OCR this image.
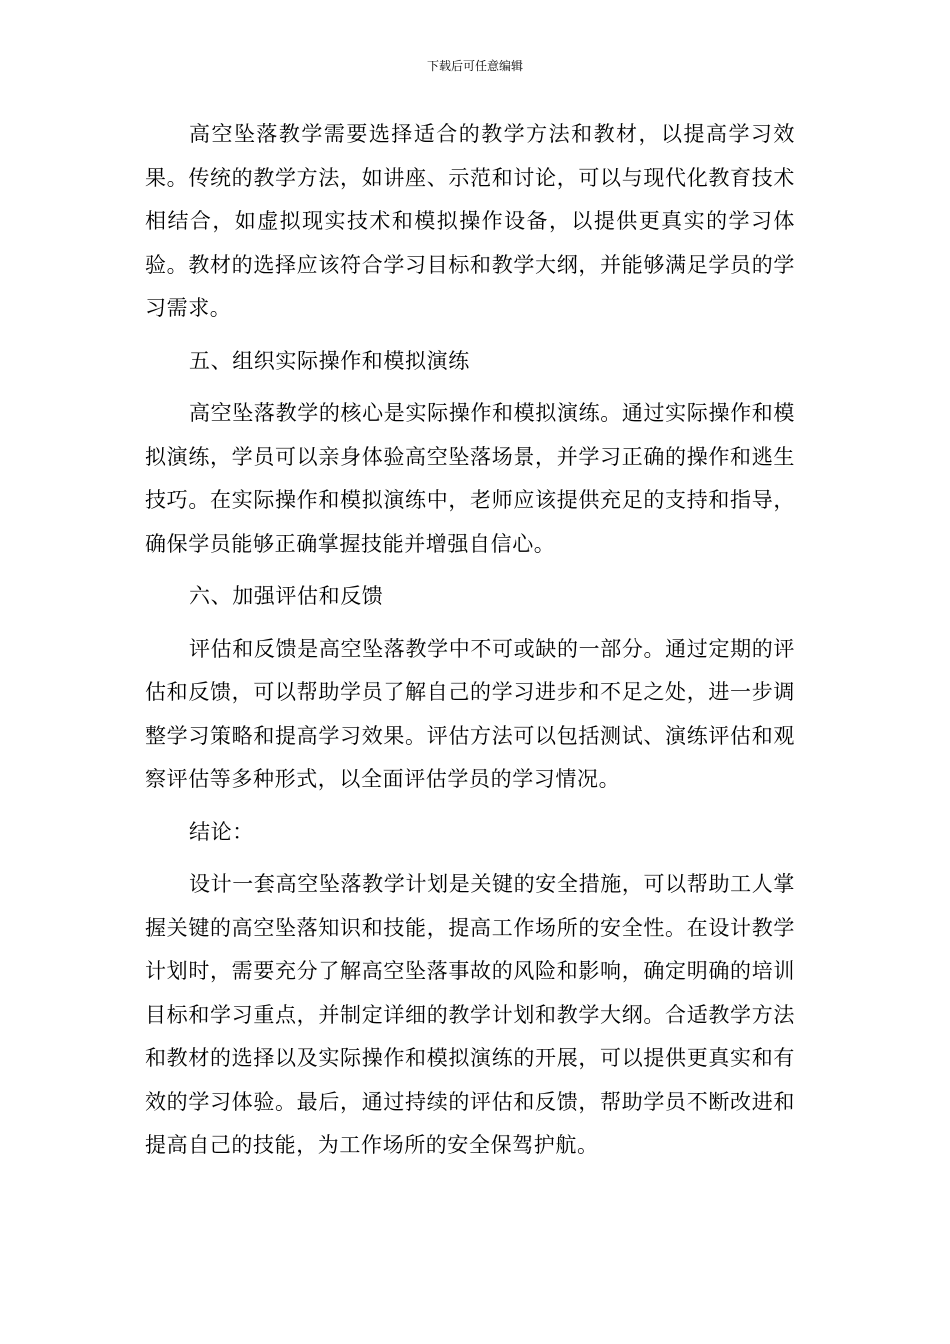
下载后可任意编辑

高空坠落教学需要选择适合的教学方法和教材，以提高学习效果。传统的教学方法，如讲座、示范和讨论，可以与现代化教育技术相结合，如虚拟现实技术和模拟操作设备，以提供更真实的学习体验。教材的选择应该符合学习目标和教学大纲，并能够满足学员的学习需求。

五、组织实际操作和模拟演练

高空坠落教学的核心是实际操作和模拟演练。通过实际操作和模拟演练，学员可以亲身体验高空坠落场景，并学习正确的操作和逃生技巧。在实际操作和模拟演练中，老师应该提供充足的支持和指导，确保学员能够正确掌握技能并增强自信心。

六、加强评估和反馈

评估和反馈是高空坠落教学中不可或缺的一部分。通过定期的评估和反馈，可以帮助学员了解自己的学习进步和不足之处，进一步调整学习策略和提高学习效果。评估方法可以包括测试、演练评估和观察评估等多种形式，以全面评估学员的学习情况。

结论：

设计一套高空坠落教学计划是关键的安全措施，可以帮助工人掌握关键的高空坠落知识和技能，提高工作场所的安全性。在设计教学计划时，需要充分了解高空坠落事故的风险和影响，确定明确的培训目标和学习重点，并制定详细的教学计划和教学大纲。合适教学方法和教材的选择以及实际操作和模拟演练的开展，可以提供更真实和有效的学习体验。最后，通过持续的评估和反馈，帮助学员不断改进和提高自己的技能，为工作场所的安全保驾护航。
